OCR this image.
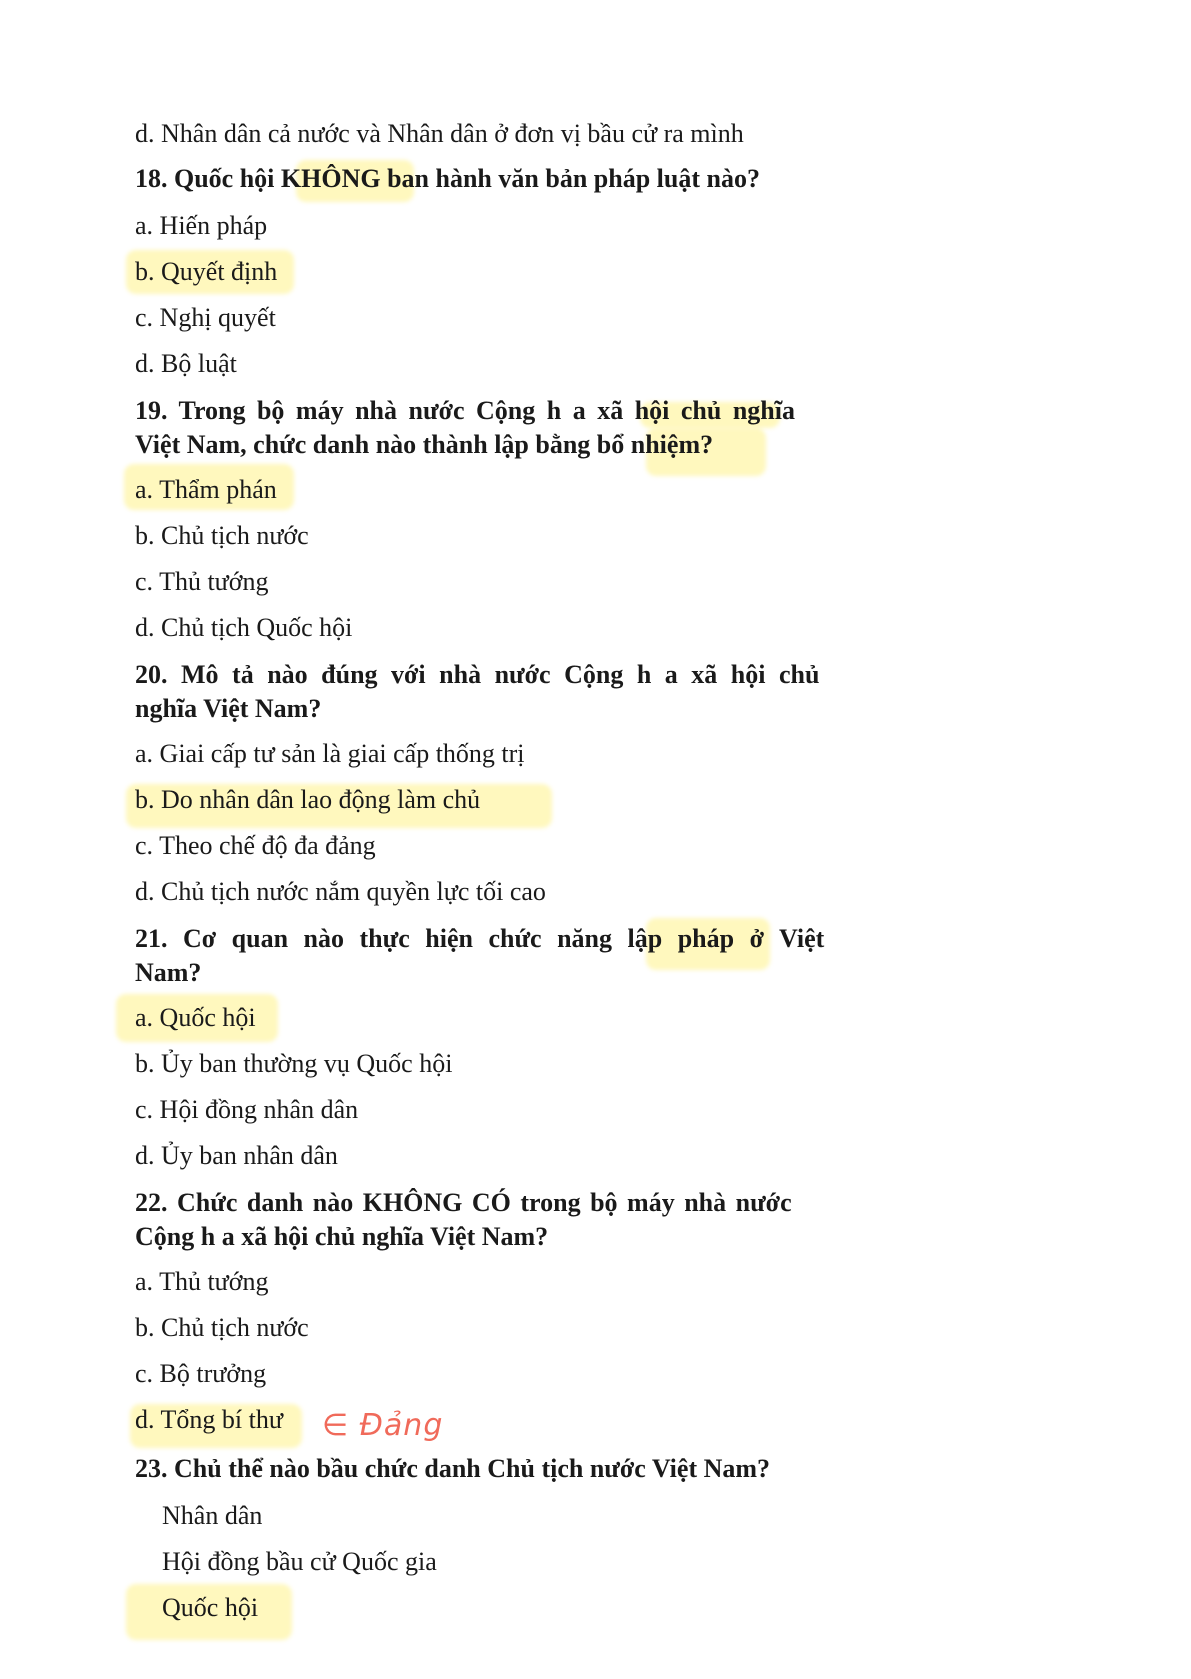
d. Nhân dân cả nước và Nhân dân ở đơn vị bầu cử ra mình
18. Quốc hội KHÔNG ban hành văn bản pháp luật nào?
a. Hiến pháp
b. Quyết định
c. Nghị quyết
d. Bộ luật
19. Trong bộ máy nhà nước Cộng h a xã hội chủ nghĩa
Việt Nam, chức danh nào thành lập bằng bổ nhiệm?
a. Thẩm phán
b. Chủ tịch nước
c. Thủ tướng
d. Chủ tịch Quốc hội
20. Mô tả nào đúng với nhà nước Cộng h a xã hội chủ
nghĩa Việt Nam?
a. Giai cấp tư sản là giai cấp thống trị
b. Do nhân dân lao động làm chủ
c. Theo chế độ đa đảng
d. Chủ tịch nước nắm quyền lực tối cao
21. Cơ quan nào thực hiện chức năng lập pháp ở Việt
Nam?
a. Quốc hội
b. Ủy ban thường vụ Quốc hội
c. Hội đồng nhân dân
d. Ủy ban nhân dân
22. Chức danh nào KHÔNG CÓ trong bộ máy nhà nước
Cộng h a xã hội chủ nghĩa Việt Nam?
a. Thủ tướng
b. Chủ tịch nước
c. Bộ trưởng
d. Tổng bí thư ∈ Đảng
23. Chủ thể nào bầu chức danh Chủ tịch nước Việt Nam?
Nhân dân
Hội đồng bầu cử Quốc gia
Quốc hội
